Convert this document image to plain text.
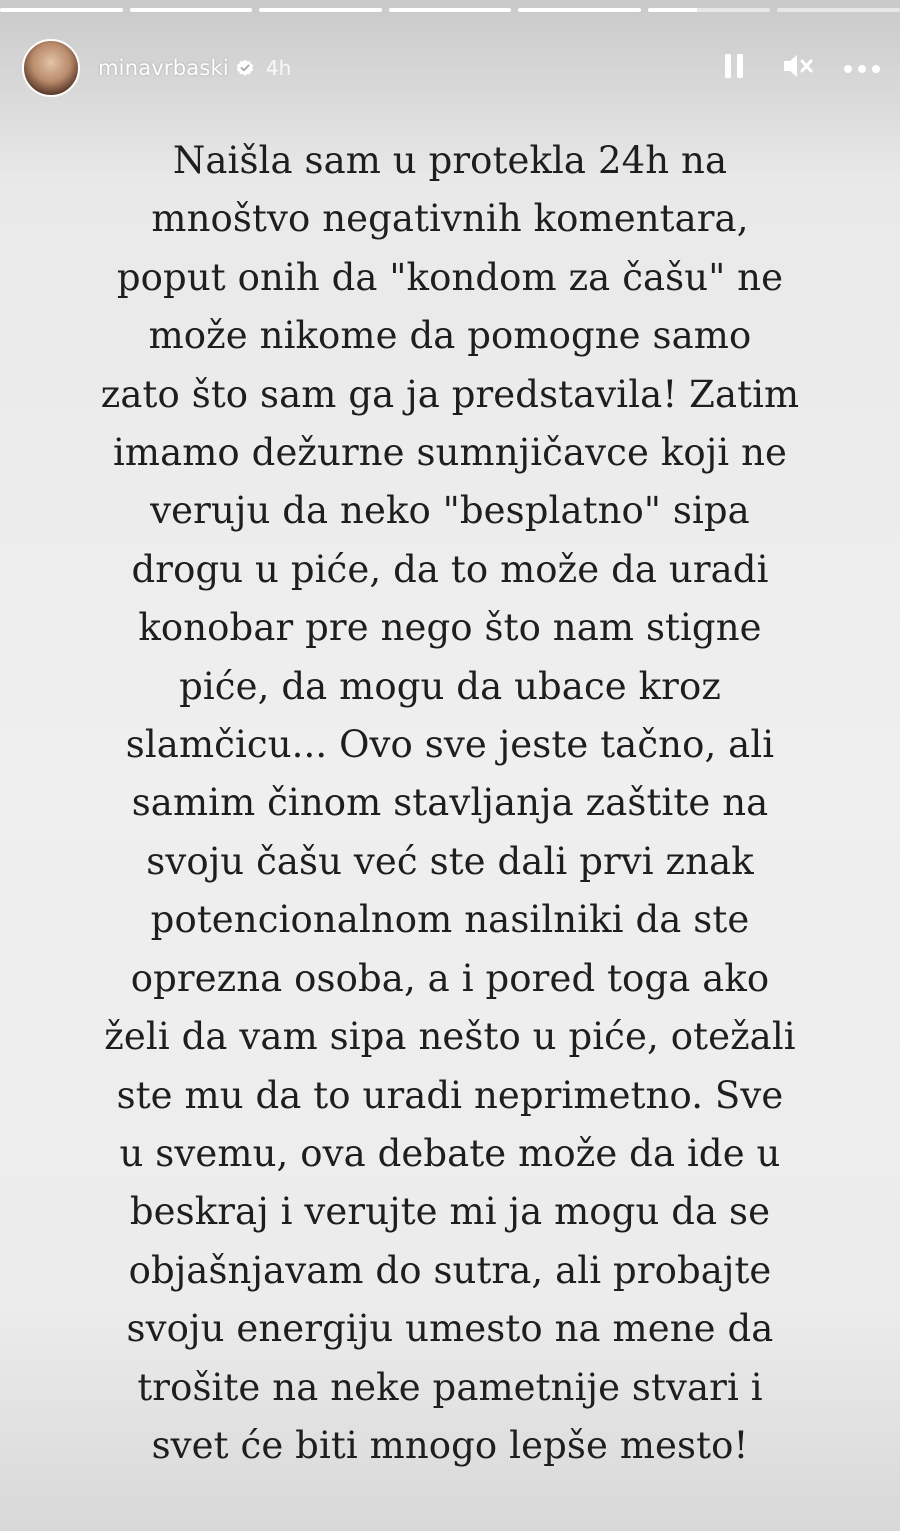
minavrbaski 4h
Naišla sam u protekla 24h na
mnoštvo negativnih komentara,
poput onih da "kondom za čašu" ne
može nikome da pomogne samo
zato što sam ga ja predstavila! Zatim
imamo dežurne sumnjičavce koji ne
veruju da neko "besplatno" sipa
drogu u piće, da to može da uradi
konobar pre nego što nam stigne
piće, da mogu da ubace kroz
slamčicu... Ovo sve jeste tačno, ali
samim činom stavljanja zaštite na
svoju čašu već ste dali prvi znak
potencionalnom nasilniki da ste
oprezna osoba, a i pored toga ako
želi da vam sipa nešto u piće, otežali
ste mu da to uradi neprimetno. Sve
u svemu, ova debate može da ide u
beskraj i verujte mi ja mogu da se
objašnjavam do sutra, ali probajte
svoju energiju umesto na mene da
trošite na neke pametnije stvari i
svet će biti mnogo lepše mesto!
